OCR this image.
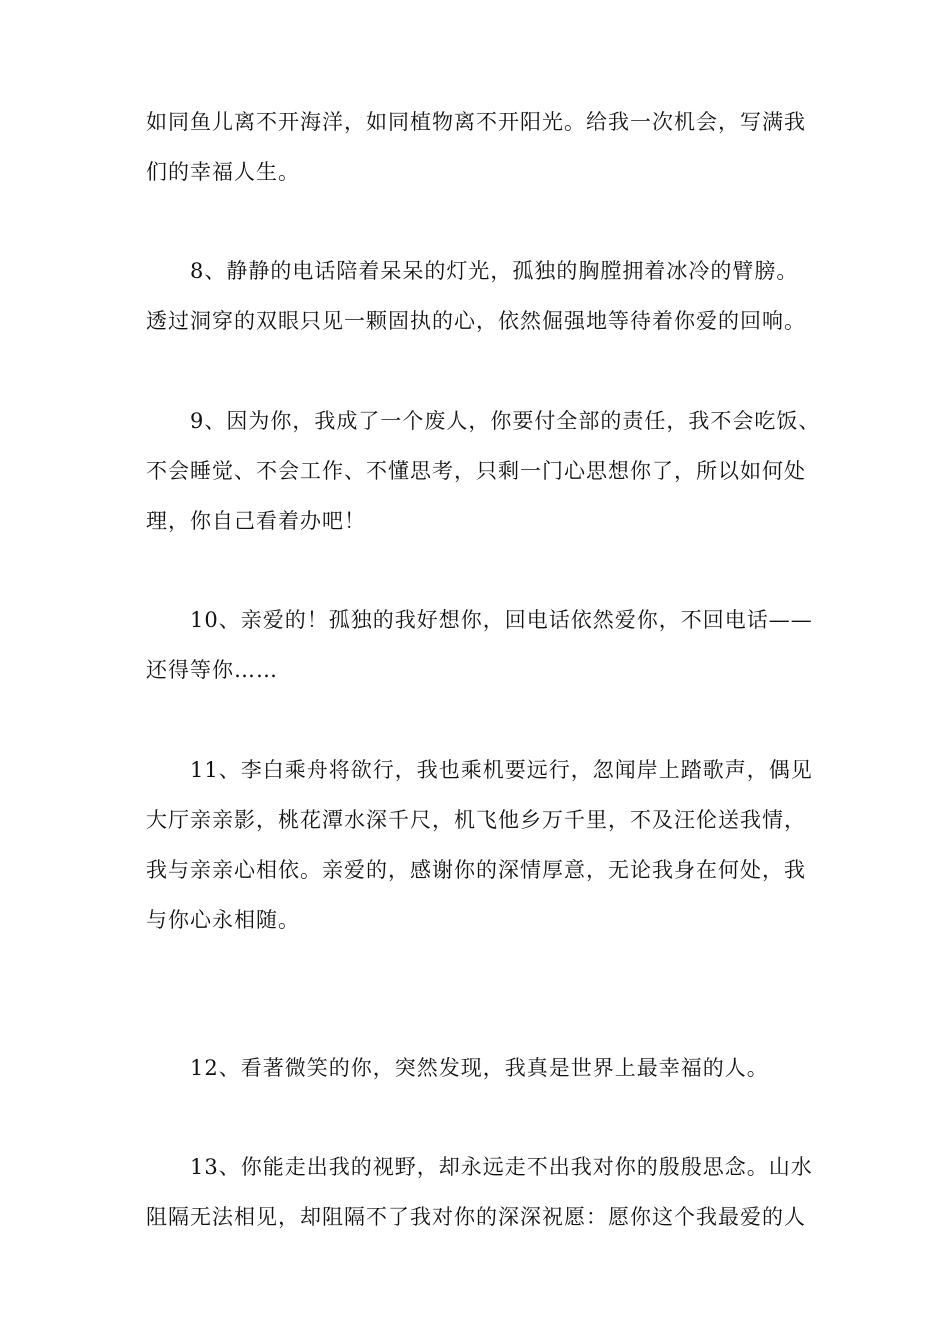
如同鱼儿离不开海洋，如同植物离不开阳光。给我一次机会，写满我
们的幸福人生。
　　8、静静的电话陪着呆呆的灯光，孤独的胸膛拥着冰冷的臂膀。
透过洞穿的双眼只见一颗固执的心，依然倔强地等待着你爱的回响。
　　9、因为你，我成了一个废人，你要付全部的责任，我不会吃饭、
不会睡觉、不会工作、不懂思考，只剩一门心思想你了，所以如何处
理，你自己看着办吧！
　　10、亲爱的！孤独的我好想你，回电话依然爱你，不回电话——
还得等你……
　　11、李白乘舟将欲行，我也乘机要远行，忽闻岸上踏歌声，偶见
大厅亲亲影，桃花潭水深千尺，机飞他乡万千里，不及汪伦送我情，
我与亲亲心相依。亲爱的，感谢你的深情厚意，无论我身在何处，我
与你心永相随。
　　12、看著微笑的你，突然发现，我真是世界上最幸福的人。
　　13、你能走出我的视野，却永远走不出我对你的殷殷思念。山水
阻隔无法相见，却阻隔不了我对你的深深祝愿：愿你这个我最爱的人
